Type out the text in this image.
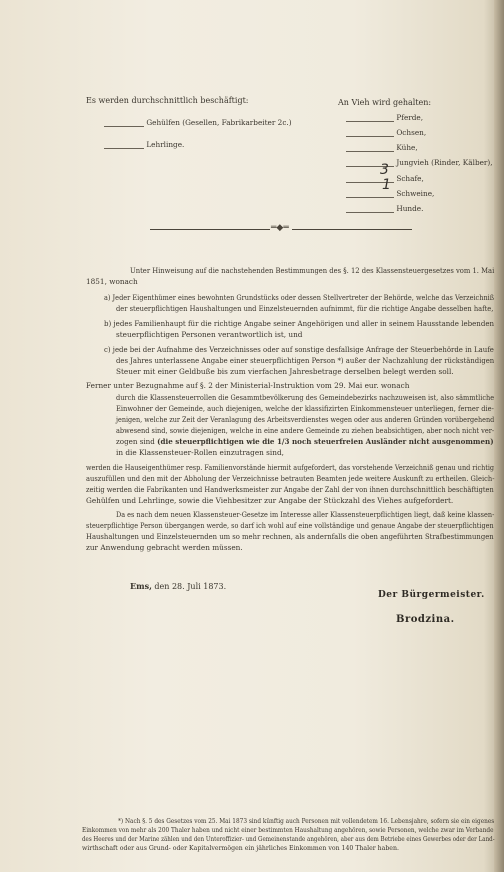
Es werden durchschnittlich beschäftigt:
Gehülfen (Gesellen, Fabrikarbeiter 2c.)
Lehrlinge.
An Vieh wird gehalten:
Pferde,
Ochsen,
Kühe,
Jungvieh (Rinder, Kälber),
Schafe,
Schweine,
Hunde.
3
1
═◆═
Unter Hinweisung auf die nachstehenden Bestimmungen des §. 12 des Klassensteuergesetzes vom 1. Mai
1851, wonach
a) Jeder Eigenthümer eines bewohnten Grundstücks oder dessen Stellvertreter der Behörde, welche das Verzeichniß
der steuerpflichtigen Haushaltungen und Einzelsteuernden aufnimmt, für die richtige Angabe desselben hafte,
b) jedes Familienhaupt für die richtige Angabe seiner Angehörigen und aller in seinem Hausstande lebenden
steuerpflichtigen Personen verantwortlich ist, und
c) jede bei der Aufnahme des Verzeichnisses oder auf sonstige desfallsige Anfrage der Steuerbehörde in Laufe
des Jahres unterlassene Angabe einer steuerpflichtigen Person *) außer der Nachzahlung der rückständigen
Steuer mit einer Geldbuße bis zum vierfachen Jahresbetrage derselben belegt werden soll.
Ferner unter Bezugnahme auf §. 2 der Ministerial-Instruktion vom 29. Mai eur. wonach
durch die Klassensteuerrollen die Gesammtbevölkerung des Gemeindebezirks nachzuweisen ist, also sämmtliche
Einwohner der Gemeinde, auch diejenigen, welche der klassifizirten Einkommensteuer unterliegen, ferner die-
jenigen, welche zur Zeit der Veranlagung des Arbeitsverdienstes wegen oder aus anderen Gründen vorübergehend
abwesend sind, sowie diejenigen, welche in eine andere Gemeinde zu ziehen beabsichtigen, aber noch nicht ver-
zogen sind (die steuerpflichtigen wie die 1/3 noch steuerfreien Ausländer nicht ausgenommen)
in die Klassensteuer-Rollen einzutragen sind,
werden die Hauseigenthümer resp. Familienvorstände hiermit aufgefordert, das vorstehende Verzeichniß genau und richtig
auszufüllen und den mit der Abholung der Verzeichnisse betrauten Beamten jede weitere Auskunft zu ertheilen. Gleich-
zeitig werden die Fabrikanten und Handwerksmeister zur Angabe der Zahl der von ihnen durchschnittlich beschäftigten
Gehülfen und Lehrlinge, sowie die Viehbesitzer zur Angabe der Stückzahl des Viehes aufgefordert.
Da es nach dem neuen Klassensteuer-Gesetze im Interesse aller Klassensteuerpflichtigen liegt, daß keine klassen-
steuerpflichtige Person übergangen werde, so darf ich wohl auf eine vollständige und genaue Angabe der steuerpflichtigen
Haushaltungen und Einzelsteuernden um so mehr rechnen, als andernfalls die oben angeführten Strafbestimmungen
zur Anwendung gebracht werden müssen.
Ems, den 28. Juli 1873.
Der Bürgermeister.
Brodzina.
*) Nach §. 5 des Gesetzes vom 25. Mai 1873 sind künftig auch Personen mit vollendetem 16. Lebensjahre, sofern sie ein eigenes
Einkommen von mehr als 200 Thaler haben und nicht einer bestimmten Haushaltung angehören, sowie Personen, welche zwar im Verbande
des Heeres und der Marine zählen und den Unteroffizier- und Gemeinenstande angehören, aber aus dem Betriebe eines Gewerbes oder der Land-
wirthschaft oder aus Grund- oder Kapitalvermögen ein jährliches Einkommen von 140 Thaler haben.
